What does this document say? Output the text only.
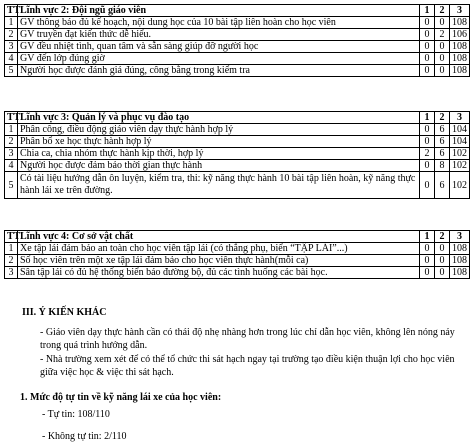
TT	Lĩnh vực 2: Đội ngũ giáo viên	1	2	3
1	GV thông báo đủ kế hoạch, nội dung học của 10 bài tập liên hoàn cho học viên	0	0	108
2	GV truyền đạt kiến thức dễ hiểu.	0	2	106
3	GV đều nhiệt tình, quan tâm và sẵn sàng giúp đỡ người học	0	0	108
4	GV đến lớp đúng giờ	0	0	108
5	Người học được đánh giá đúng, công bằng trong kiểm tra	0	0	108
TT	Lĩnh vực 3: Quản lý và phục vụ đào tạo	1	2	3
1	Phân công, điều động giáo viên dạy thực hành hợp lý	0	6	104
2	Phân bổ xe học thực hành hợp lý	0	6	104
3	Chia ca, chia nhóm thực hành kịp thời, hợp lý	2	6	102
4	Người học được đảm bảo thời gian thực hành	0	8	102
5	Có tài liệu hướng dẫn ôn luyện, kiểm tra, thi: kỹ năng thực hành 10 bài tập liên hoàn, kỹ năng thực hành lái xe trên đường.	0	6	102
TT	Lĩnh vực 4: Cơ sở vật chất	1	2	3
1	Xe tập lái đảm bảo an toàn cho học viên tập lái (có thắng phụ, biển “TẬP LÁI”...)	0	0	108
2	Số học viên trên một xe tập lái đảm bảo cho học viên thực hành(mỗi ca)	0	0	108
3	Sân tập lái có đủ hệ thống biển báo đường bộ, đủ các tình huống các bài học.	0	0	108
III. Ý KIẾN KHÁC
- Giáo viên dạy thực hành cần có thái độ nhẹ nhàng hơn trong lúc chỉ dẫn học viên, không lên nóng nảy trong quá trình hướng dẫn.
- Nhà trường xem xét để có thể tổ chức thi sát hạch ngay tại trường tạo điều kiện thuận lợi cho học viên giữa việc học & việc thi sát hạch.
1. Mức độ tự tin về kỹ năng lái xe của học viên:
- Tự tin: 108/110
- Không tự tin: 2/110
